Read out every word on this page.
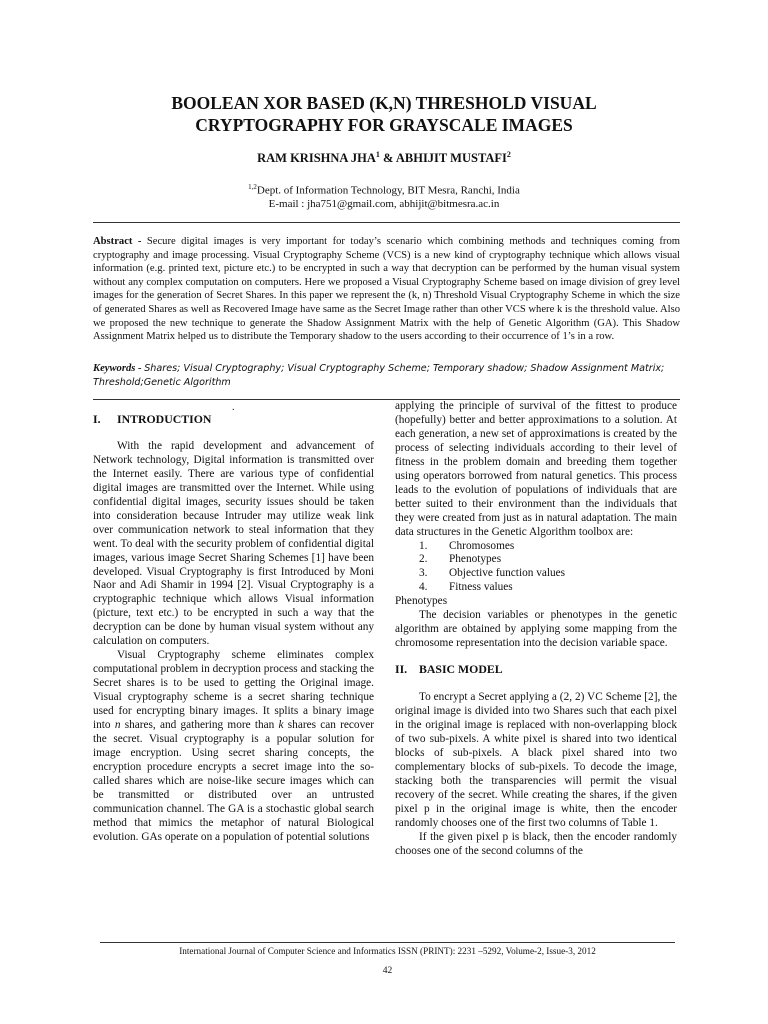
BOOLEAN XOR BASED (K,N) THRESHOLD VISUAL
CRYPTOGRAPHY FOR GRAYSCALE IMAGES
RAM KRISHNA JHA$^1$ & ABHIJIT MUSTAFI$^2$
$^{1,2}$Dept. of Information Technology, BIT Mesra, Ranchi, India
E-mail : jha751@gmail.com, abhijit@bitmesra.ac.in
Abstract - Secure digital images is very important for today’s scenario which combining methods and techniques coming from cryptography and image processing. Visual Cryptography Scheme (VCS) is a new kind of cryptography technique which allows visual information (e.g. printed text, picture etc.) to be encrypted in such a way that decryption can be performed by the human visual system without any complex computation on computers. Here we proposed a Visual Cryptography Scheme based on image division of grey level images for the generation of Secret Shares. In this paper we represent the (k, n) Threshold Visual Cryptography Scheme in which the size of generated Shares as well as Recovered Image have same as the Secret Image rather than other VCS where k is the threshold value. Also we proposed the new technique to generate the Shadow Assignment Matrix with the help of Genetic Algorithm (GA). This Shadow Assignment Matrix helped us to distribute the Temporary shadow to the users according to their occurrence of 1’s in a row.
Keywords - Shares; Visual Cryptography; Visual Cryptography Scheme; Temporary shadow; Shadow Assignment Matrix; Threshold;Genetic Algorithm
.

I. INTRODUCTION

With the rapid development and advancement of Network technology, Digital information is transmitted over the Internet easily. There are various type of confidential digital images are transmitted over the Internet. While using confidential digital images, security issues should be taken into consideration because Intruder may utilize weak link over communication network to steal information that they went. To deal with the security problem of confidential digital images, various image Secret Sharing Schemes [1] have been developed. Visual Cryptography is first Introduced by Moni Naor and Adi Shamir in 1994 [2]. Visual Cryptography is a cryptographic technique which allows Visual information (picture, text etc.) to be encrypted in such a way that the decryption can be done by human visual system without any calculation on computers.

Visual Cryptography scheme eliminates complex computational problem in decryption process and stacking the Secret shares is to be used to getting the Original image. Visual cryptography scheme is a secret sharing technique used for encrypting binary images. It splits a binary image into n shares, and gathering more than k shares can recover the secret. Visual cryptography is a popular solution for image encryption. Using secret sharing concepts, the encryption procedure encrypts a secret image into the so-called shares which are noise-like secure images which can be transmitted or distributed over an untrusted communication channel. The GA is a stochastic global search method that mimics the metaphor of natural Biological evolution. GAs operate on a population of potential solutions

applying the principle of survival of the fittest to produce (hopefully) better and better approximations to a solution. At each generation, a new set of approximations is created by the process of selecting individuals according to their level of fitness in the problem domain and breeding them together using operators borrowed from natural genetics. This process leads to the evolution of populations of individuals that are better suited to their environment than the individuals that they were created from just as in natural adaptation. The main data structures in the Genetic Algorithm toolbox are:

1. Chromosomes
2. Phenotypes
3. Objective function values
4. Fitness values

Phenotypes

The decision variables or phenotypes in the genetic algorithm are obtained by applying some mapping from the chromosome representation into the decision variable space.

II. BASIC MODEL

To encrypt a Secret applying a (2, 2) VC Scheme [2], the original image is divided into two Shares such that each pixel in the original image is replaced with non-overlapping block of two sub-pixels. A white pixel is shared into two identical blocks of sub-pixels. A black pixel shared into two complementary blocks of sub-pixels. To decode the image, stacking both the transparencies will permit the visual recovery of the secret. While creating the shares, if the given pixel p in the original image is white, then the encoder randomly chooses one of the first two columns of Table 1.

If the given pixel p is black, then the encoder randomly chooses one of the second columns of the

International Journal of Computer Science and Informatics ISSN (PRINT): 2231 –5292, Volume-2, Issue-3, 2012
42
